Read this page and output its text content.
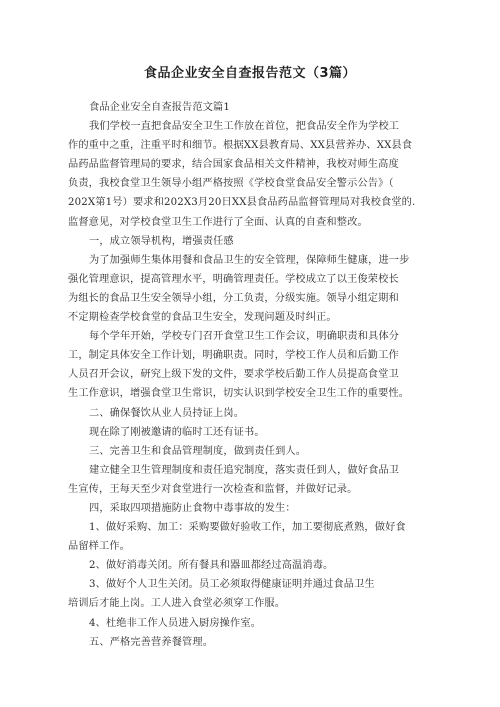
食品企业安全自查报告范文（3篇）
食品企业安全自查报告范文篇1
我们学校一直把食品安全卫生工作放在首位，把食品安全作为学校工
作的重中之重，注重平时和细节。根据XX县教育局、XX县营养办、XX县食
品药品监督管理局的要求，结合国家食品相关文件精神，我校对师生高度
负责，我校食堂卫生领导小组严格按照《学校食堂食品安全警示公告》（
202X第1号）要求和202X3月20日XX县食品药品监督管理局对我校食堂的.
监督意见，对学校食堂卫生工作进行了全面、认真的自查和整改。
一，成立领导机构，增强责任感
为了加强师生集体用餐和食品卫生的安全管理，保障师生健康，进一步
强化管理意识，提高管理水平，明确管理责任。学校成立了以王俊荣校长
为组长的食品卫生安全领导小组，分工负责，分级实施。领导小组定期和
不定期检查学校食堂的食品卫生安全，发现问题及时纠正。
每个学年开始，学校专门召开食堂卫生工作会议，明确职责和具体分
工，制定具体安全工作计划，明确职责。同时，学校工作人员和后勤工作
人员召开会议，研究上级下发的文件，要求学校后勤工作人员提高食堂卫
生工作意识，增强食堂卫生常识，切实认识到学校安全卫生工作的重要性。
二、确保餐饮从业人员持证上岗。
现在除了刚被邀请的临时工还有证书。
三、完善卫生和食品管理制度，做到责任到人。
建立健全卫生管理制度和责任追究制度，落实责任到人，做好食品卫
生宣传，王每天至少对食堂进行一次检查和监督，并做好记录。
四，采取四项措施防止食物中毒事故的发生：
1、做好采购、加工：采购要做好验收工作，加工要彻底煮熟，做好食
品留样工作。
2、做好消毒关闭。所有餐具和器皿都经过高温消毒。
3、做好个人卫生关闭。员工必须取得健康证明并通过食品卫生
培训后才能上岗。工人进入食堂必须穿工作服。
4、杜绝非工作人员进入厨房操作室。
五、严格完善营养餐管理。
